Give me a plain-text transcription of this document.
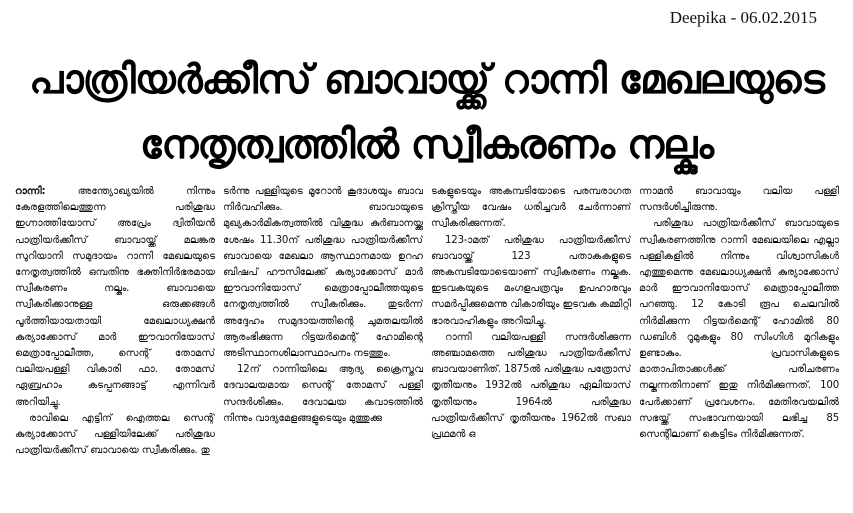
Deepika - 06.02.2015
പാത്രിയർക്കീസ് ബാവായ്ക്ക് റാന്നി മേഖലയുടെ
നേതൃത്വത്തിൽ സ്വീകരണം നല്കും

റാന്നി: അന്ത്യോഖ്യയിൽ നിന്നും കേരളത്തിലെത്തുന്ന പരിശുദ്ധ ഇഗ്നാത്തിയോസ് അപ്രേം ദ്വിതീയൻ പാത്രിയർക്കീസ് ബാവായ്ക്ക് മലങ്കര സുറിയാനി സമുദായം റാന്നി മേഖലയുടെ നേതൃത്വത്തിൽ ഒമ്പതിനു ഭക്തിനിർഭരമായ സ്വീകരണം നല്കും. ബാവായെ സ്വീകരിക്കാനുള്ള ഒരുക്കങ്ങൾ പൂർത്തിയായതായി മേഖലാധ്യക്ഷൻ കുര്യാക്കോസ് മാർ ഈവാനിയോസ് മെത്രാപ്പോലീത്ത, സെന്റ് തോമസ് വലിയപള്ളി വികാരി ഫാ. തോമസ് ഏബ്രഹാം കടപ്പനങ്ങാട്ട് എന്നിവർ അറിയിച്ചു.

രാവിലെ എട്ടിന് ഐത്തല സെന്റ് കുര്യാക്കോസ് പള്ളിയിലേക്ക് പരിശുദ്ധ പാത്രിയർക്കീസ് ബാവായെ സ്വീകരിക്കും. തു

ടർന്നു പള്ളിയുടെ മൂറോൻ കൂദാശയും ബാവ നിർവഹിക്കും. ബാവായുടെ മുഖ്യകാർമികത്വത്തിൽ വിശുദ്ധ കുർബാനയ്ക്കു ശേഷം 11.30ന് പരിശുദ്ധ പാത്രിയർക്കീസ് ബാവായെ മേഖലാ ആസ്ഥാനമായ ഉറഹ ബിഷപ് ഹൗസിലേക്ക് കുര്യാക്കോസ് മാർ ഈവാനിയോസ് മെത്രാപ്പോലീത്തയുടെ നേതൃത്വത്തിൽ സ്വീകരിക്കും. തുടർന്ന് അദ്ദേഹം സമുദായത്തിന്റെ ചുമതലയിൽ ആരംഭിക്കുന്ന റിട്ടയർമെന്റ് ഹോമിന്റെ അടിസ്ഥാനശിലാസ്ഥാപനം നടത്തും.

12ന് റാന്നിയിലെ ആദ്യ ക്രൈസ്തവ ദേവാലയമായ സെന്റ് തോമസ് പള്ളി സന്ദർശിക്കും. ദേവാലയ കവാടത്തിൽ നിന്നും വാദ്യമേളങ്ങളുടെയും മുത്തുക്കു

ടകളുടെയും അകമ്പടിയോടെ പരമ്പരാഗത ക്രിസ്തീയ വേഷം ധരിച്ചവർ ചേർന്നാണ് സ്വീകരിക്കുന്നത്.

123-ാമത് പരിശുദ്ധ പാത്രിയർക്കീസ് ബാവായ്ക്ക് 123 പതാകകളുടെ അകമ്പടിയോടെയാണ് സ്വീകരണം നല്കുക. ഇടവകയുടെ മംഗളപത്രവും ഉപഹാരവും സമർപ്പിക്കുമെന്നു വികാരിയും ഇടവക കമ്മിറ്റി ഭാരവാഹികളും അറിയിച്ചു.

റാന്നി വലിയപള്ളി സന്ദർശിക്കുന്ന അഞ്ചാമത്തെ പരിശുദ്ധ പാത്രിയർക്കീസ് ബാവയാണിത്. 1875ൽ പരിശുദ്ധ പത്രോസ് തൃതീയനും 1932ൽ പരിശുദ്ധ ഏലിയാസ് തൃതീയനും 1964ൽ പരിശുദ്ധ പാത്രിയർക്കീസ് തൃതീയനും 1962ൽ സഖാ പ്രഥമൻ ഒ

ന്നാമൻ ബാവായും വലിയ പള്ളി സന്ദർശിച്ചിരുന്നു.

പരിശുദ്ധ പാത്രിയർക്കീസ് ബാവായുടെ സ്വീകരണത്തിനു റാന്നി മേഖലയിലെ എല്ലാ പള്ളികളിൽ നിന്നും വിശ്വാസികൾ എത്തുമെന്നു മേഖലാധ്യക്ഷൻ കുര്യാക്കോസ് മാർ ഈവാനിയോസ് മെത്രാപ്പോലീത്ത പറഞ്ഞു. 12 കോടി രൂപ ചെലവിൽ നിർമിക്കുന്ന റിട്ടയർമെന്റ് ഹോമിൽ 80 ഡബിൾ റൂമുകളും 80 സിംഗിൾ മുറികളും ഉണ്ടാകും. പ്രവാസികളുടെ മാതാപിതാക്കൾക്ക് പരിചരണം നല്കുന്നതിനാണ് ഇതു നിർമിക്കുന്നത്. 100 പേർക്കാണ് പ്രവേശനം. മേതിരവയലിൽ സഭയ്ക്ക് സംഭാവനയായി ലഭിച്ച 85 സെന്റിലാണ് കെട്ടിടം നിർമിക്കുന്നത്.
